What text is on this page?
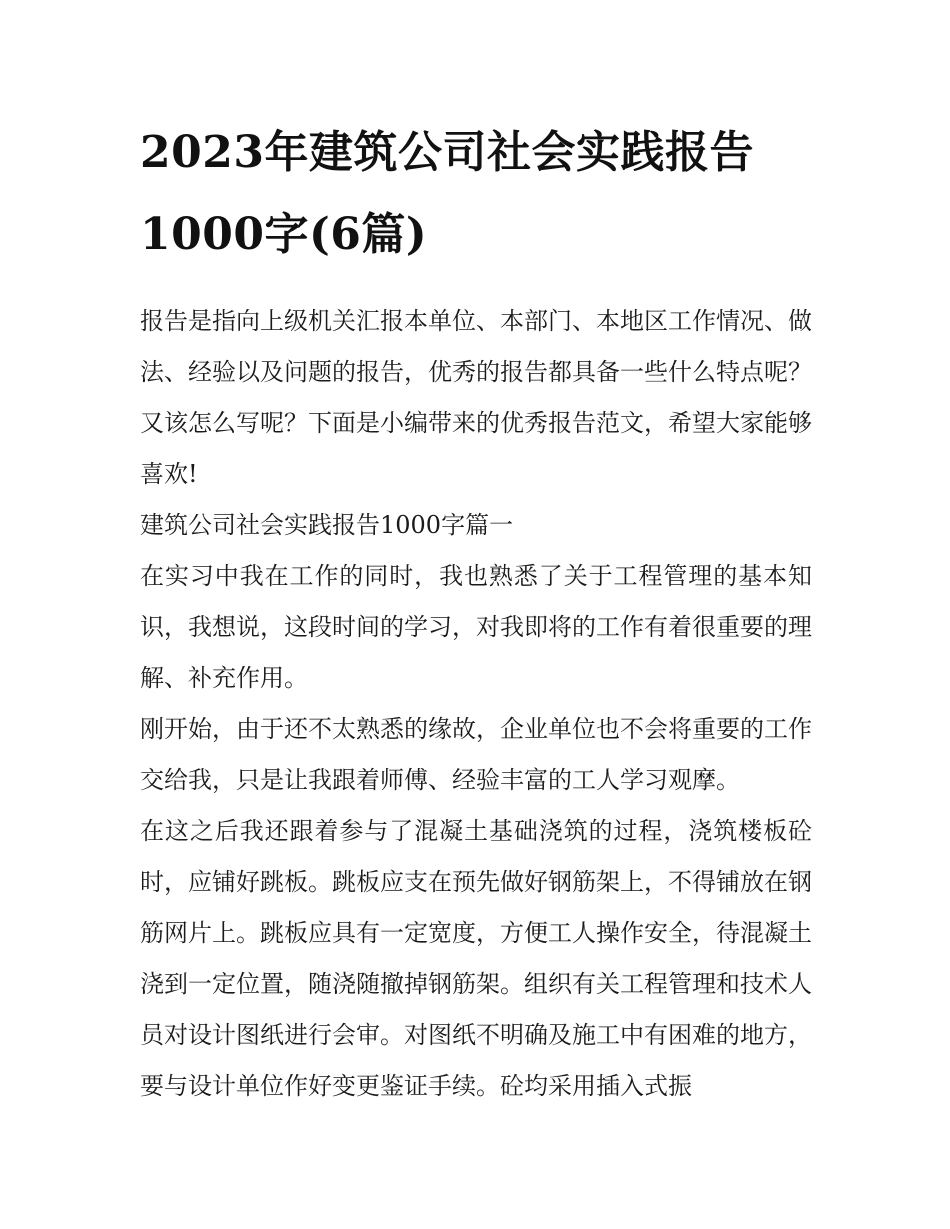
2023年建筑公司社会实践报告1000字(6篇)

报告是指向上级机关汇报本单位、本部门、本地区工作情况、做法、经验以及问题的报告，优秀的报告都具备一些什么特点呢？又该怎么写呢？下面是小编带来的优秀报告范文，希望大家能够喜欢!

建筑公司社会实践报告1000字篇一

在实习中我在工作的同时，我也熟悉了关于工程管理的基本知识，我想说，这段时间的学习，对我即将的工作有着很重要的理解、补充作用。

刚开始，由于还不太熟悉的缘故，企业单位也不会将重要的工作交给我，只是让我跟着师傅、经验丰富的工人学习观摩。

在这之后我还跟着参与了混凝土基础浇筑的过程，浇筑楼板砼时，应铺好跳板。跳板应支在预先做好钢筋架上，不得铺放在钢筋网片上。跳板应具有一定宽度，方便工人操作安全，待混凝土浇到一定位置，随浇随撤掉钢筋架。组织有关工程管理和技术人员对设计图纸进行会审。对图纸不明确及施工中有困难的地方，要与设计单位作好变更鉴证手续。砼均采用插入式振
